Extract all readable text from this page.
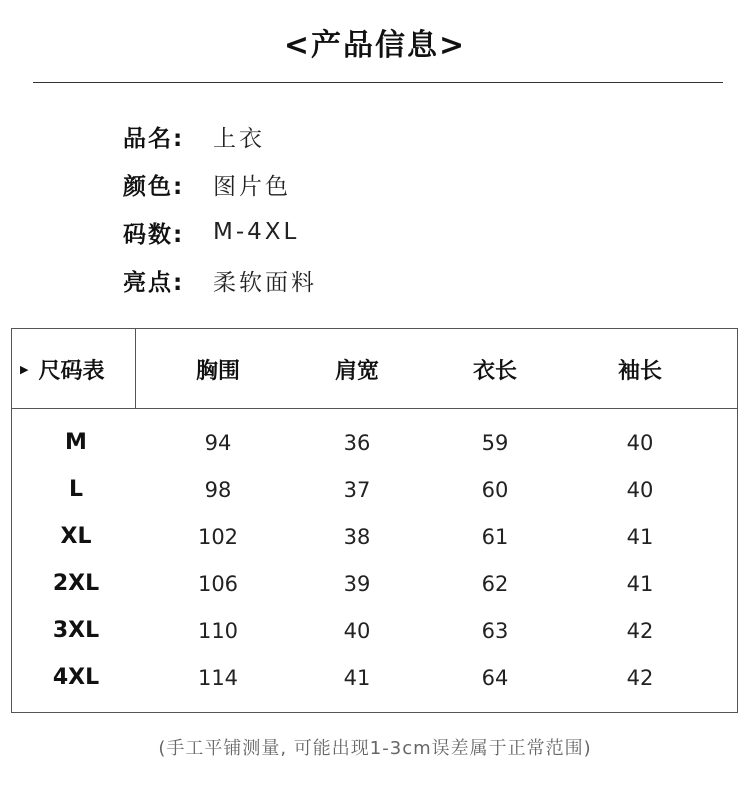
<产品信息>
品名:	上衣
颜色:	图片色
码数:	M-4XL
亮点:	柔软面料
▶ 尺码表	胸围	肩宽	衣长	袖长
M	94	36	59	40
L	98	37	60	40
XL	102	38	61	41
2XL	106	39	62	41
3XL	110	40	63	42
4XL	114	41	64	42
(手工平铺测量, 可能出现1-3cm误差属于正常范围)
